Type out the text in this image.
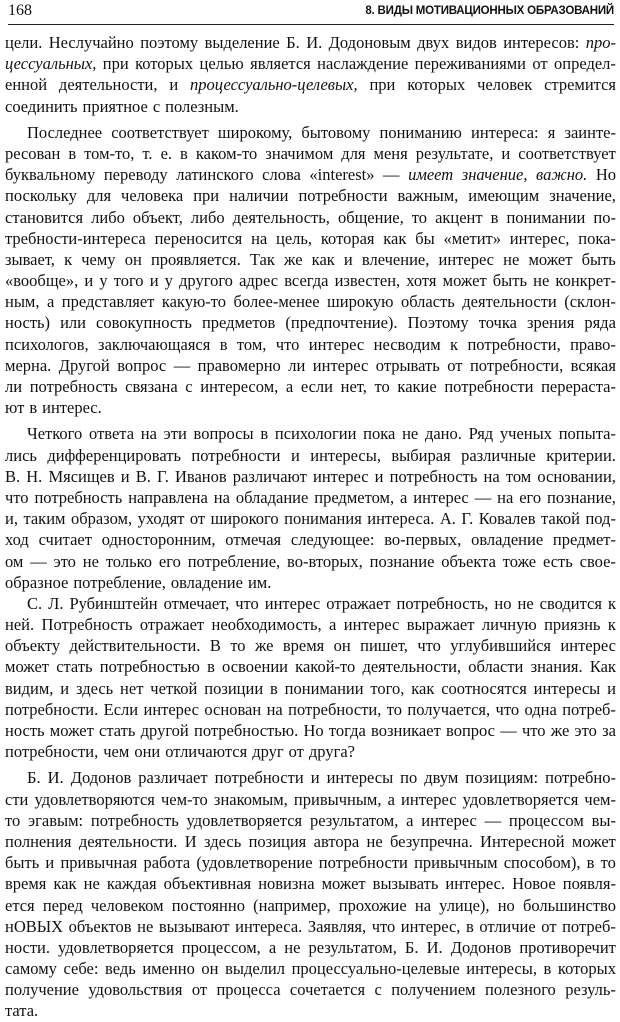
168	8. ВИДЫ МОТИВАЦИОННЫХ ОБРАЗОВАНИЙ
цели. Неслучайно поэтому выделение Б. И. Додоновым двух видов интересов: про-
цессуальных, при которых целью является наслаждение переживаниями от определ-
енной деятельности, и процессуально-целевых, при которых человек стремится
соединить приятное с полезным.
Последнее соответствует широкому, бытовому пониманию интереса: я заинте-
ресован в том-то, т. е. в каком-то значимом для меня результате, и соответствует
буквальному переводу латинского слова «interest» — имеет значение, важно. Но
поскольку для человека при наличии потребности важным, имеющим значение,
становится либо объект, либо деятельность, общение, то акцент в понимании по-
требности-интереса переносится на цель, которая как бы «метит» интерес, пока-
зывает, к чему он проявляется. Так же как и влечение, интерес не может быть
«вообще», и у того и у другого адрес всегда известен, хотя может быть не конкрет-
ным, а представляет какую-то более-менее широкую область деятельности (склон-
ность) или совокупность предметов (предпочтение). Поэтому точка зрения ряда
психологов, заключающаяся в том, что интерес несводим к потребности, право-
мерна. Другой вопрос — правомерно ли интерес отрывать от потребности, всякая
ли потребность связана с интересом, а если нет, то какие потребности перераста-
ют в интерес.
Четкого ответа на эти вопросы в психологии пока не дано. Ряд ученых попыта-
лись дифференцировать потребности и интересы, выбирая различные критерии.
В. Н. Мясищев и В. Г. Иванов различают интерес и потребность на том основании,
что потребность направлена на обладание предметом, а интерес — на его познание,
и, таким образом, уходят от широкого понимания интереса. А. Г. Ковалев такой под-
ход считает односторонним, отмечая следующее: во-первых, овладение предмет-
ом — это не только его потребление, во-вторых, познание объекта тоже есть свое-
образное потребление, овладение им.
С. Л. Рубинштейн отмечает, что интерес отражает потребность, но не сводится к
ней. Потребность отражает необходимость, а интерес выражает личную приязнь к
объекту действительности. В то же время он пишет, что углубившийся интерес
может стать потребностью в освоении какой-то деятельности, области знания. Как
видим, и здесь нет четкой позиции в понимании того, как соотносятся интересы и
потребности. Если интерес основан на потребности, то получается, что одна потреб-
ность может стать другой потребностью. Но тогда возникает вопрос — что же это за
потребности, чем они отличаются друг от друга?
Б. И. Додонов различает потребности и интересы по двум позициям: потребно-
сти удовлетворяются чем-то знакомым, привычным, а интерес удовлетворяется чем-
то эгавым: потребность удовлетворяется результатом, а интерес — процессом вы-
полнения деятельности. И здесь позиция автора не безупречна. Интересной может
быть и привычная работа (удовлетворение потребности привычным способом), в то
время как не каждая объективная новизна может вызывать интерес. Новое появля-
ется перед человеком постоянно (например, прохожие на улице), но большинство
нОВЫХ объектов не вызывают интереса. Заявляя, что интерес, в отличие от потреб-
ности. удовлетворяется процессом, а не результатом, Б. И. Додонов противоречит
самому себе: ведь именно он выделил процессуально-целевые интересы, в которых
получение удовольствия от процесса сочетается с получением полезного резуль-
тата.
